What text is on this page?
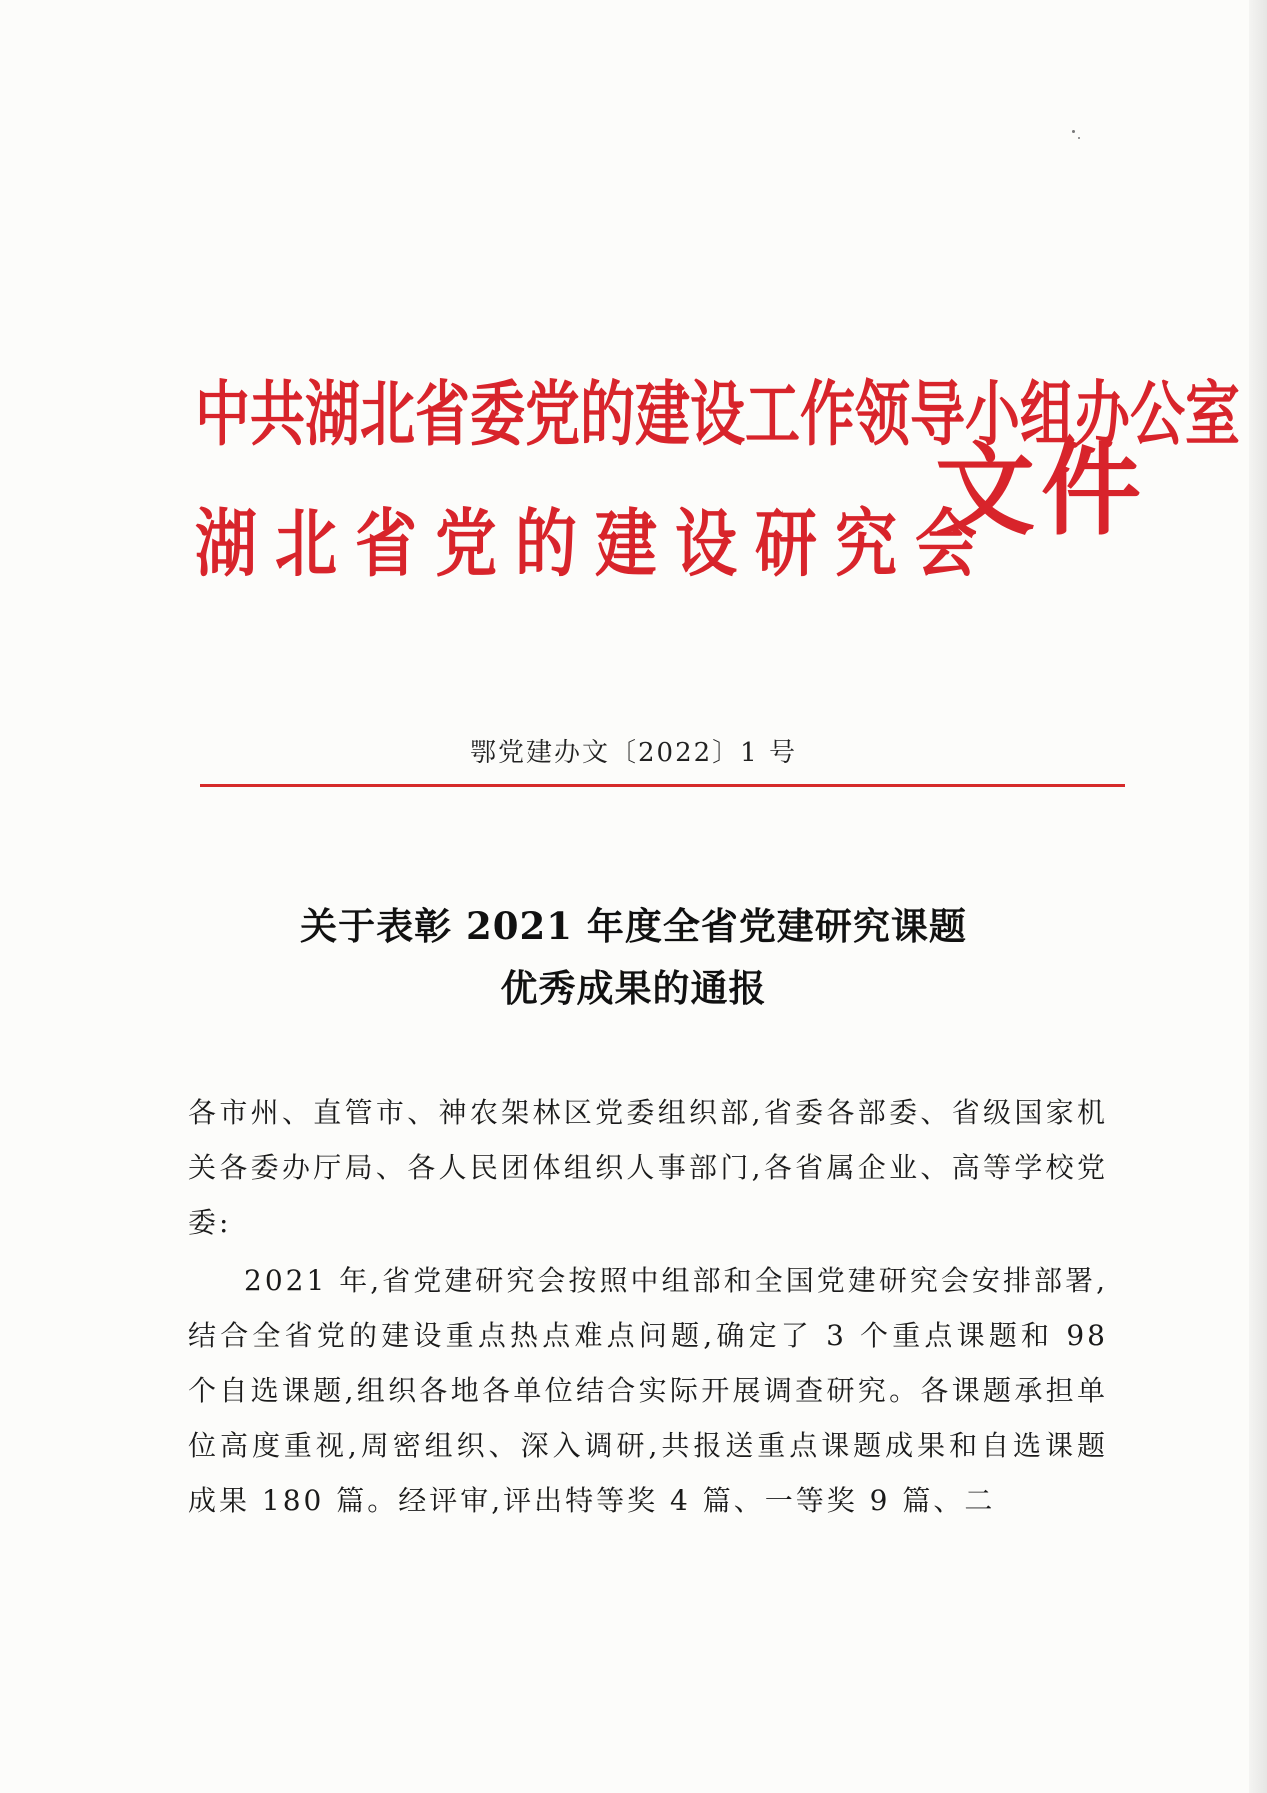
中共湖北省委党的建设工作领导小组办公室
湖北省党的建设研究会
文件
鄂党建办文〔2022〕1 号
关于表彰 2021 年度全省党建研究课题
优秀成果的通报
各市州、直管市、神农架林区党委组织部,省委各部委、省级国家机关各委办厅局、各人民团体组织人事部门,各省属企业、高等学校党委:
2021 年,省党建研究会按照中组部和全国党建研究会安排部署,结合全省党的建设重点热点难点问题,确定了 3 个重点课题和 98 个自选课题,组织各地各单位结合实际开展调查研究。各课题承担单位高度重视,周密组织、深入调研,共报送重点课题成果和自选课题成果 180 篇。经评审,评出特等奖 4 篇、一等奖 9 篇、二
